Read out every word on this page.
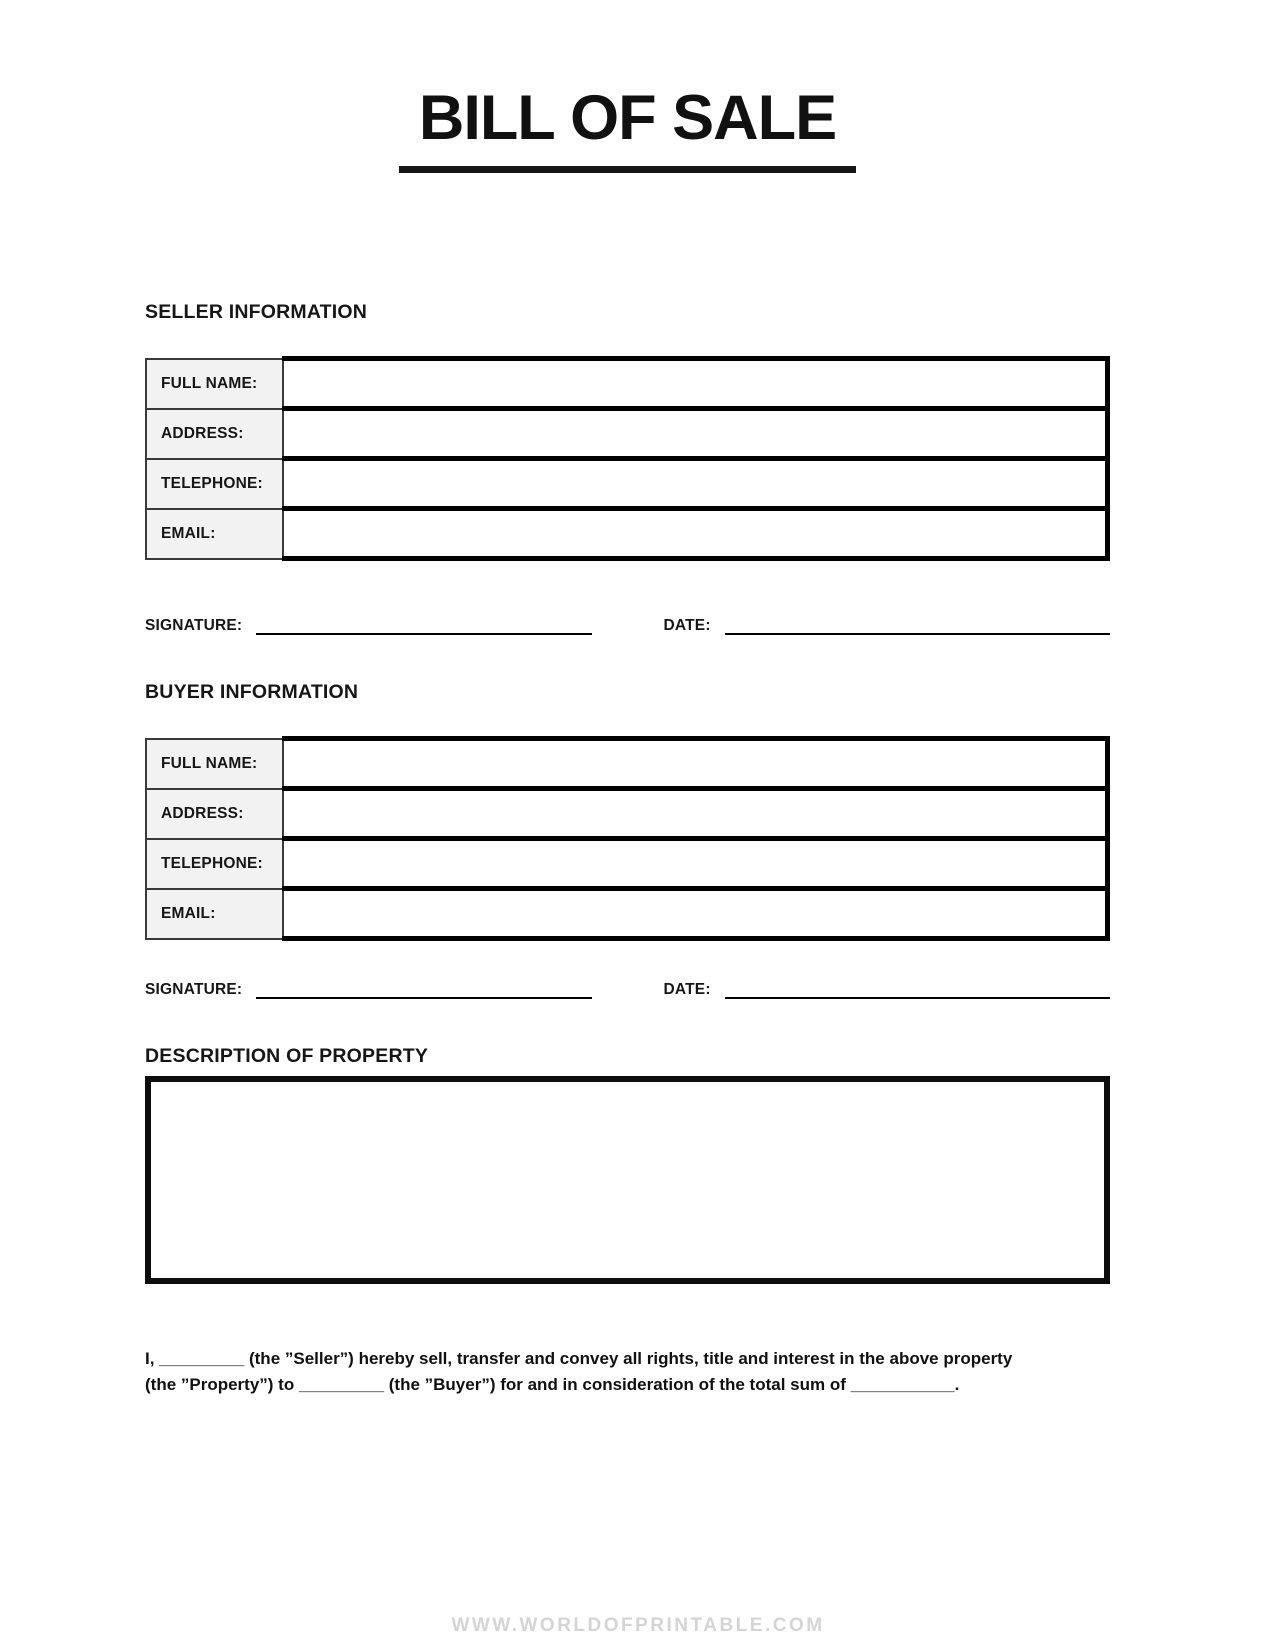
BILL OF SALE
SELLER INFORMATION
FULL NAME:	
ADDRESS:	
TELEPHONE:	
EMAIL:	
SIGNATURE:	DATE:
BUYER INFORMATION
FULL NAME:	
ADDRESS:	
TELEPHONE:	
EMAIL:	
SIGNATURE:	DATE:
DESCRIPTION OF PROPERTY
I, _________ (the ”Seller”) hereby sell, transfer and convey all rights, title and interest in the above property
(the ”Property”) to _________ (the ”Buyer”) for and in consideration of the total sum of ___________.
WWW.WORLDOFPRINTABLE.COM
